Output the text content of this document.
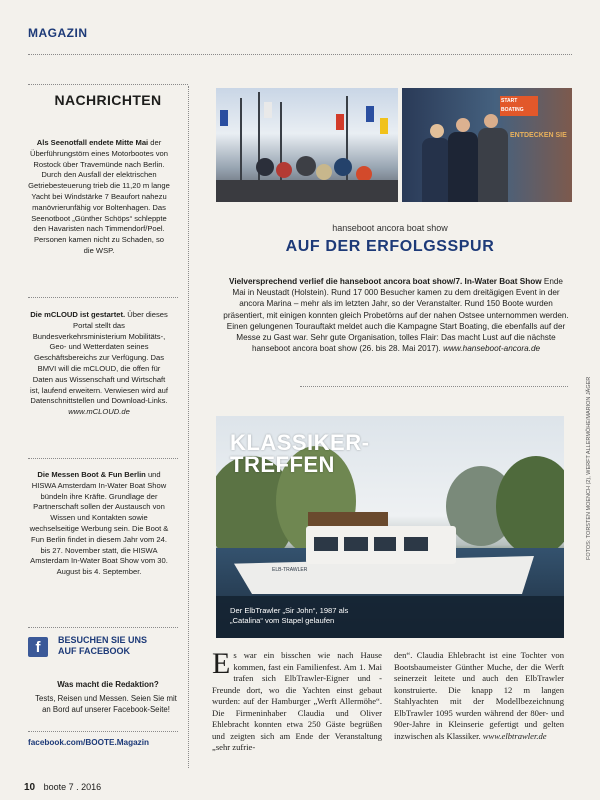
MAGAZIN
NACHRICHTEN
Als Seenotfall endete Mitte Mai der Überführungstörn eines Motorbootes von Rostock über Travemünde nach Berlin. Durch den Ausfall der elektrischen Getriebesteuerung trieb die 11,20 m lange Yacht bei Windstärke 7 Beaufort nahezu manövrierunfähig vor Boltenhagen. Das Seenotboot „Günther Schöps“ schleppte den Havaristen nach Timmendorf/Poel. Personen kamen nicht zu Schaden, so die WSP.
Die mCLOUD ist gestartet. Über dieses Portal stellt das Bundesverkehrsministerium Mobilitäts-, Geo- und Wetterdaten seines Geschäftsbereichs zur Verfügung. Das BMVI will die mCLOUD, die offen für Daten aus Wissenschaft und Wirtschaft ist, laufend erweitern. Verwiesen wird auf Datenschnittstellen und Download-Links. www.mCLOUD.de
Die Messen Boot & Fun Berlin und HISWA Amsterdam In-Water Boat Show bündeln ihre Kräfte. Grundlage der Partnerschaft sollen der Austausch von Wissen und Kontakten sowie wechselseitige Werbung sein. Die Boot & Fun Berlin findet in diesem Jahr vom 24. bis 27. November statt, die HISWA Amsterdam In-Water Boat Show vom 30. August bis 4. September.
f	BESUCHEN SIE UNS
AUF FACEBOOK
Was macht die Redaktion?
Tests, Reisen und Messen. Seien Sie mit an Bord auf unserer Facebook-Seite!
facebook.com/BOOTE.Magazin
START BOATING
ENTDECKEN SIE
hanseboot ancora boat show
AUF DER ERFOLGSSPUR
Vielversprechend verlief die hanseboot ancora boat show/7. In-Water Boat Show Ende Mai in Neustadt (Holstein). Rund 17 000 Besucher kamen zu dem dreitägigen Event in der ancora Marina – mehr als im letzten Jahr, so der Veranstalter. Rund 150 Boote wurden präsentiert, mit einigen konnten gleich Probetörns auf der nahen Ostsee unternommen werden. Einen gelungenen Tourauftakt meldet auch die Kampagne Start Boating, die ebenfalls auf der Messe zu Gast war. Sehr gute Organisation, tolles Flair: Das macht Lust auf die nächste hanseboot ancora boat show (26. bis 28. Mai 2017). www.hanseboot-ancora.de
ELB-TRAWLER
KLASSIKER-
TREFFEN
Der ElbTrawler „Sir John“, 1987 als
„Catalina“ vom Stapel gelaufen
Es war ein bisschen wie nach Hause kommen, fast ein Familienfest. Am 1. Mai trafen sich ElbTrawler-Eigner und -Freunde dort, wo die Yachten einst gebaut wurden: auf der Hamburger „Werft Allermöhe“. Die Firmeninhaber Claudia und Oliver Ehlebracht konnten etwa 250 Gäste begrüßen und zeigten sich am Ende der Veranstaltung „sehr zufrie-
den“. Claudia Ehlebracht ist eine Tochter von Bootsbaumeister Günther Muche, der die Werft seinerzeit leitete und auch den ElbTrawler konstruierte. Die knapp 12 m langen Stahlyachten mit der Modellbezeichnung ElbTrawler 1095 wurden während der 80er- und 90er-Jahre in Kleinserie gefertigt und gelten inzwischen als Klassiker. www.elbtrawler.de
FOTOS: TORSTEN MOENCH (2), WERFT ALLERMÖHE/MARION JÄGER
10 boote 7 . 2016
